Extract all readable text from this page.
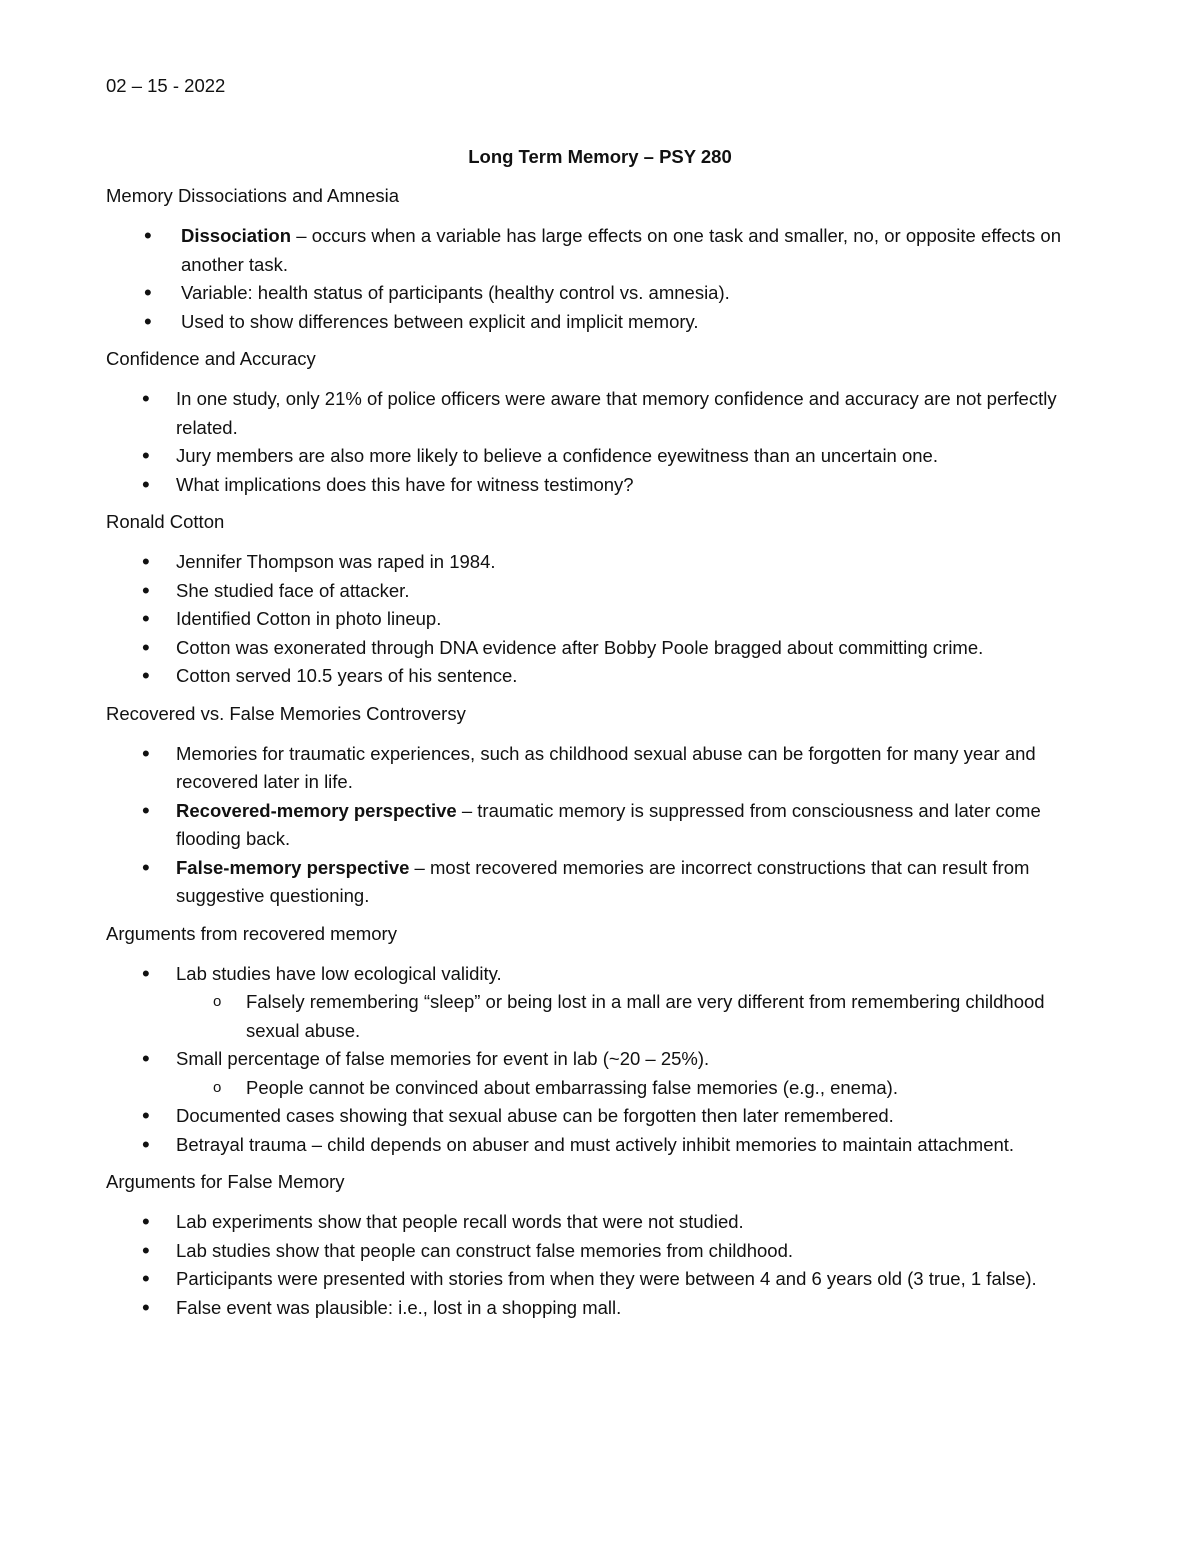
02 – 15 - 2022
Long Term Memory – PSY 280
Memory Dissociations and Amnesia
• Dissociation – occurs when a variable has large effects on one task and smaller, no, or opposite effects on another task.
• Variable: health status of participants (healthy control vs. amnesia).
• Used to show differences between explicit and implicit memory.
Confidence and Accuracy
• In one study, only 21% of police officers were aware that memory confidence and accuracy are not perfectly related.
• Jury members are also more likely to believe a confidence eyewitness than an uncertain one.
• What implications does this have for witness testimony?
Ronald Cotton
• Jennifer Thompson was raped in 1984.
• She studied face of attacker.
• Identified Cotton in photo lineup.
• Cotton was exonerated through DNA evidence after Bobby Poole bragged about committing crime.
• Cotton served 10.5 years of his sentence.
Recovered vs. False Memories Controversy
• Memories for traumatic experiences, such as childhood sexual abuse can be forgotten for many year and recovered later in life.
• Recovered-memory perspective – traumatic memory is suppressed from consciousness and later come flooding back.
• False-memory perspective – most recovered memories are incorrect constructions that can result from suggestive questioning.
Arguments from recovered memory
• Lab studies have low ecological validity.
o Falsely remembering “sleep” or being lost in a mall are very different from remembering childhood sexual abuse.
• Small percentage of false memories for event in lab (~20 – 25%).
o People cannot be convinced about embarrassing false memories (e.g., enema).
• Documented cases showing that sexual abuse can be forgotten then later remembered.
• Betrayal trauma – child depends on abuser and must actively inhibit memories to maintain attachment.
Arguments for False Memory
• Lab experiments show that people recall words that were not studied.
• Lab studies show that people can construct false memories from childhood.
• Participants were presented with stories from when they were between 4 and 6 years old (3 true, 1 false).
• False event was plausible: i.e., lost in a shopping mall.
